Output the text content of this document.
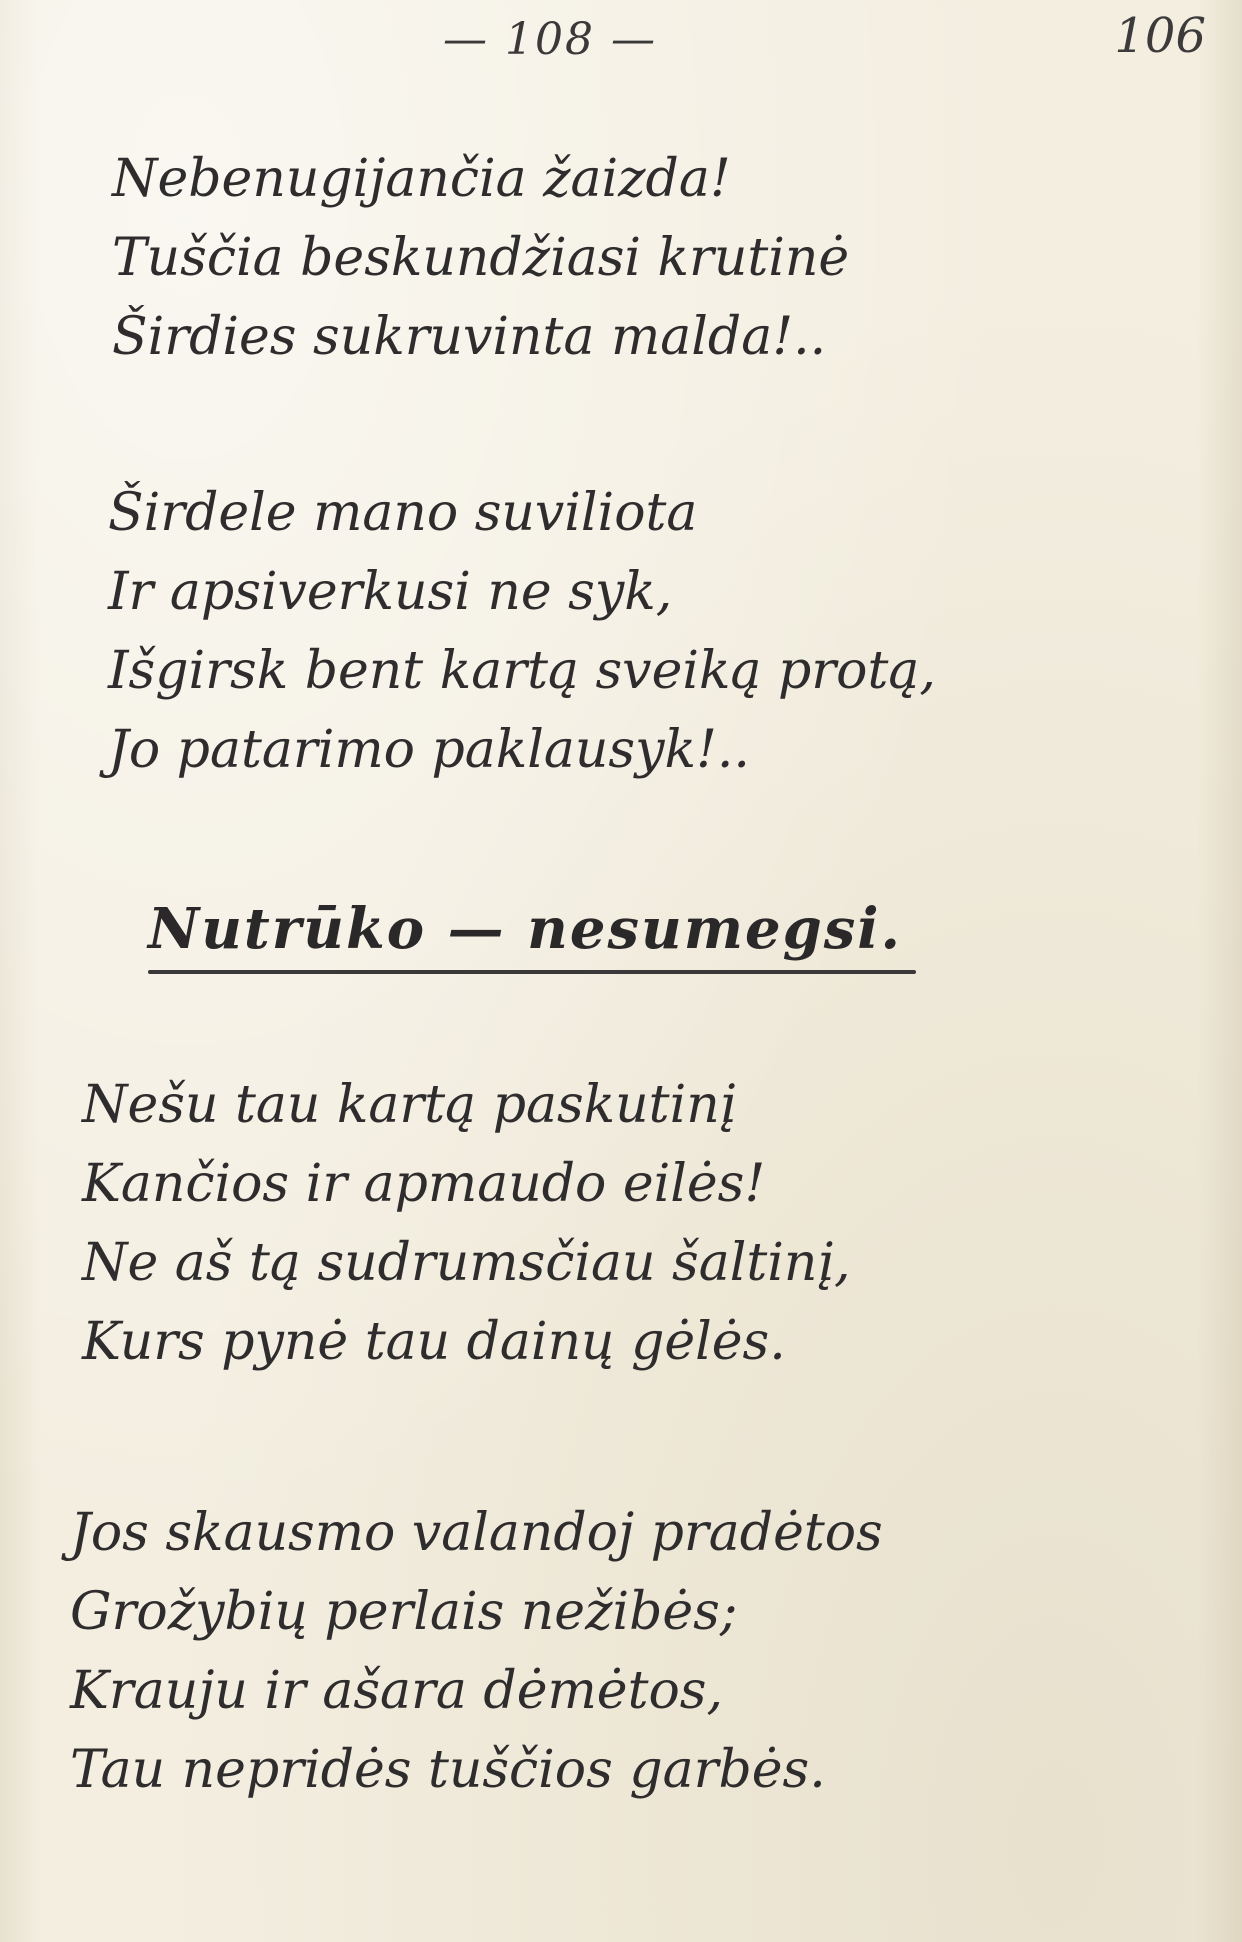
— 108 —	106
Nebenugijančia žaizda!
Tuščia beskundžiasi krutinė
Širdies sukruvinta malda!..
Širdele mano suviliota
Ir apsiverkusi ne syk,
Išgirsk bent kartą sveiką protą,
Jo patarimo paklausyk!..
Nutrūko — nesumegsi.
Nešu tau kartą paskutinį
Kančios ir apmaudo eilės!
Ne aš tą sudrumsčiau šaltinį,
Kurs pynė tau dainų gėlės.
Jos skausmo valandoj pradėtos
Grožybių perlais nežibės;
Krauju ir ašara dėmėtos,
Tau nepridės tuščios garbės.
